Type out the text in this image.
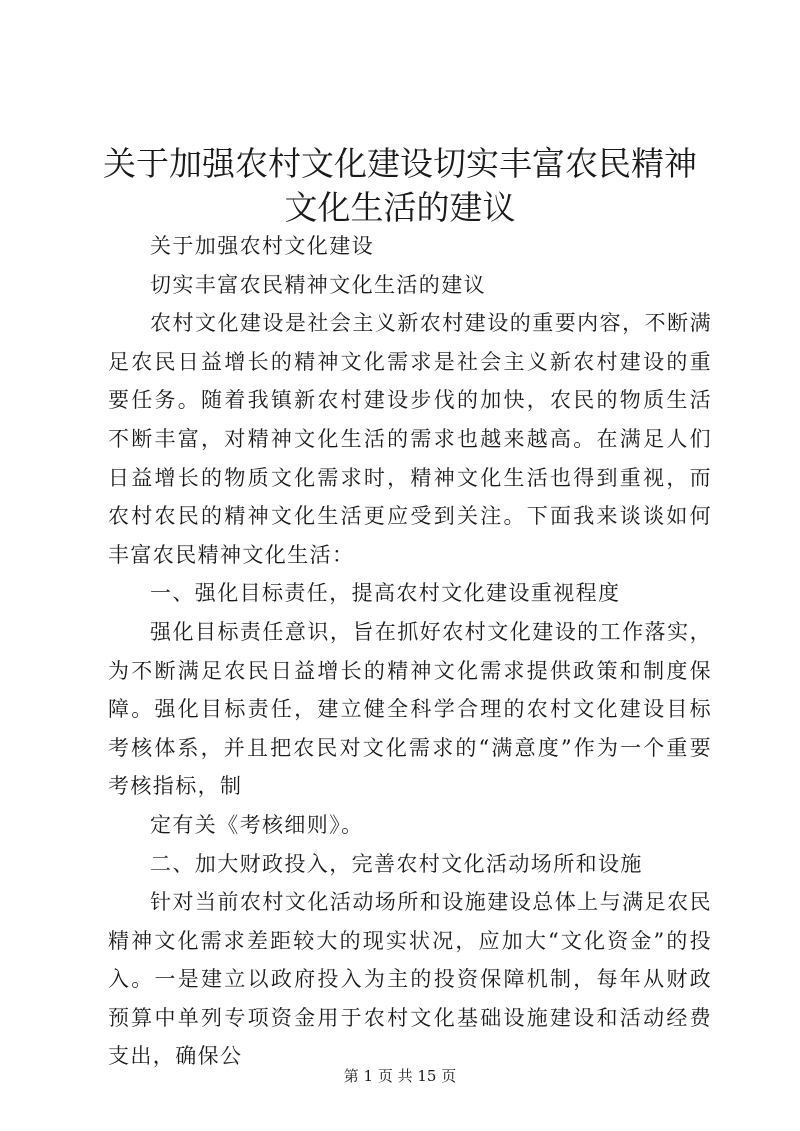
关于加强农村文化建设切实丰富农民精神文化生活的建议

关于加强农村文化建设

切实丰富农民精神文化生活的建议

农村文化建设是社会主义新农村建设的重要内容，不断满足农民日益增长的精神文化需求是社会主义新农村建设的重要任务。随着我镇新农村建设步伐的加快，农民的物质生活不断丰富，对精神文化生活的需求也越来越高。在满足人们日益增长的物质文化需求时，精神文化生活也得到重视，而农村农民的精神文化生活更应受到关注。下面我来谈谈如何丰富农民精神文化生活：

一、强化目标责任，提高农村文化建设重视程度

强化目标责任意识，旨在抓好农村文化建设的工作落实，为不断满足农民日益增长的精神文化需求提供政策和制度保障。强化目标责任，建立健全科学合理的农村文化建设目标考核体系，并且把农民对文化需求的“满意度”作为一个重要考核指标，制

定有关《考核细则》。

二、加大财政投入，完善农村文化活动场所和设施

针对当前农村文化活动场所和设施建设总体上与满足农民精神文化需求差距较大的现实状况，应加大“文化资金”的投入。一是建立以政府投入为主的投资保障机制，每年从财政预算中单列专项资金用于农村文化基础设施建设和活动经费支出，确保公

第 1 页 共 15 页
